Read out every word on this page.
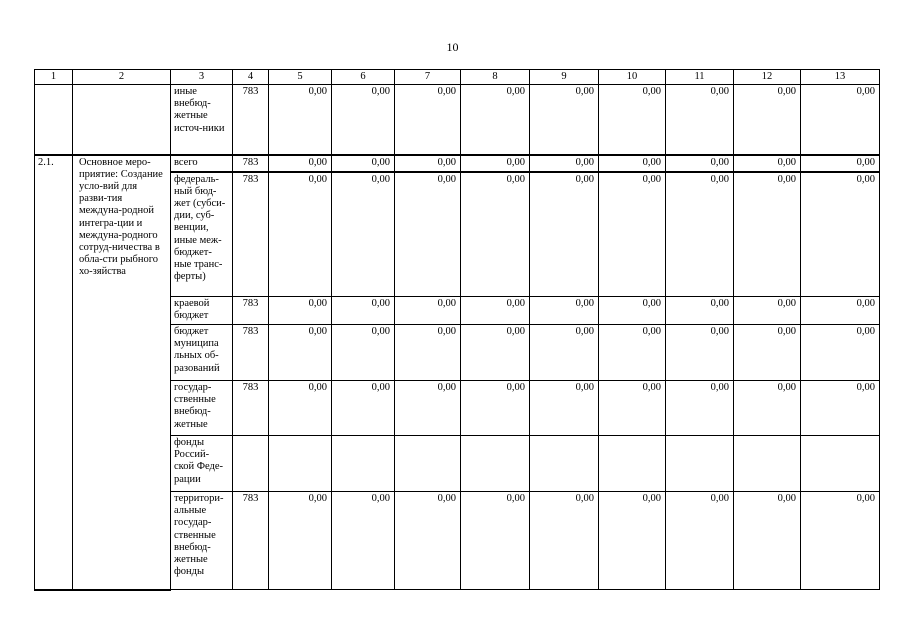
10
1	2	3	4	5	6	7	8	9	10	11	12	13
		иные внебюд-жетные источ-ники	783	0,00	0,00	0,00	0,00	0,00	0,00	0,00	0,00	0,00
2.1.	Основное меро-приятие: Создание усло-вий для разви-тия междуна-родной интегра-ции и междуна-родного сотруд-ничества в обла-сти рыбного хо-зяйства	всего	783	0,00	0,00	0,00	0,00	0,00	0,00	0,00	0,00	0,00
		федераль-ный бюд-жет (субси-дии, суб-венции, иные меж-бюджет-ные транс-ферты)	783	0,00	0,00	0,00	0,00	0,00	0,00	0,00	0,00	0,00
		краевой бюджет	783	0,00	0,00	0,00	0,00	0,00	0,00	0,00	0,00	0,00
		бюджет муниципа льных об-разований	783	0,00	0,00	0,00	0,00	0,00	0,00	0,00	0,00	0,00
		государ-ственные внебюд-жетные	783	0,00	0,00	0,00	0,00	0,00	0,00	0,00	0,00	0,00
		фонды Россий-ской Феде-рации										
		территори-альные государ-ственные внебюд-жетные фонды	783	0,00	0,00	0,00	0,00	0,00	0,00	0,00	0,00	0,00
